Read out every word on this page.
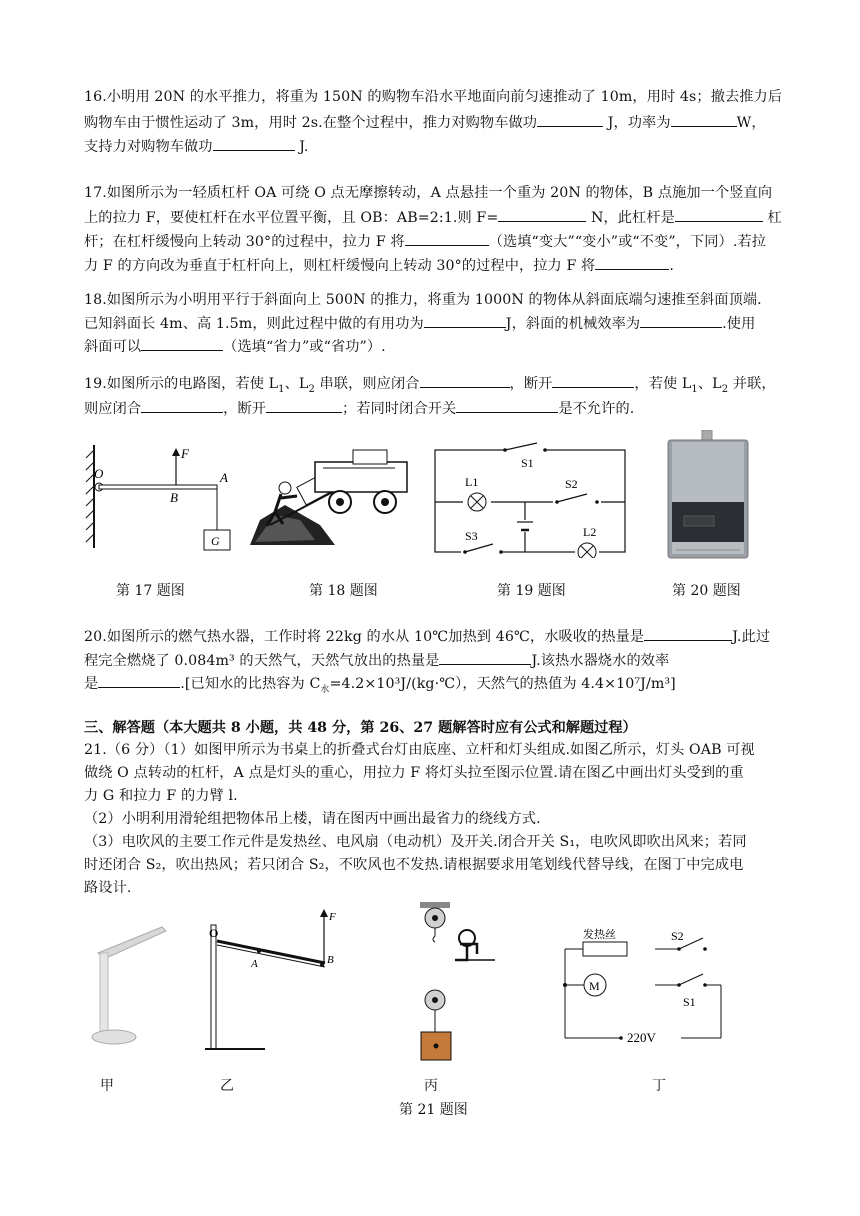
16.小明用 20N 的水平推力，将重为 150N 的购物车沿水平地面向前匀速推动了 10m，用时 4s；撤去推力后
购物车由于惯性运动了 3m，用时 2s.在整个过程中，推力对购物车做功	J，功率为	W，
支持力对购物车做功	J.
17.如图所示为一轻质杠杆 OA 可绕 O 点无摩擦转动，A 点悬挂一个重为 20N 的物体，B 点施加一个竖直向
上的拉力 F，要使杠杆在水平位置平衡，且 OB：AB=2:1.则 F=	N，此杠杆是	杠
杆；在杠杆缓慢向上转动 30°的过程中，拉力 F 将	（选填“变大”“变小”或“不变”，下同）.若拉
力 F 的方向改为垂直于杠杆向上，则杠杆缓慢向上转动 30°的过程中，拉力 F 将	.
18.如图所示为小明用平行于斜面向上 500N 的推力，将重为 1000N 的物体从斜面底端匀速推至斜面顶端.
已知斜面长 4m、高 1.5m，则此过程中做的有用功为	J，斜面的机械效率为	.使用
斜面可以	（选填“省力”或“省功”）.
19.如图所示的电路图，若使 $L_1$、$L_2$ 串联，则应闭合	，断开	，若使 $L_1$、$L_2$ 并联，
则应闭合	，断开	；若同时闭合开关	是不允许的.
O
B
A
F
G
S1
S2
S3
L1
L2
第 17 题图	第 18 题图	第 19 题图	第 20 题图
20.如图所示的燃气热水器，工作时将 22kg 的水从 10℃加热到 46℃，水吸收的热量是	J.此过
程完全燃烧了 0.084m³ 的天然气，天然气放出的热量是	J.该热水器烧水的效率
是	.[已知水的比热容为 $C_水=4.2\times 10^3J/(kg\cdot℃)$，天然气的热值为 4.4×10⁷J/m³]
三、解答题（本大题共 8 小题，共 48 分，第 26、27 题解答时应有公式和解题过程）
21.（6 分）（1）如图甲所示为书桌上的折叠式台灯由底座、立杆和灯头组成.如图乙所示，灯头 OAB 可视
做绕 O 点转动的杠杆，A 点是灯头的重心，用拉力 F 将灯头拉至图示位置.请在图乙中画出灯头受到的重
力 G 和拉力 F 的力臂 l.
（2）小明利用滑轮组把物体吊上楼，请在图丙中画出最省力的绕线方式.
（3）电吹风的主要工作元件是发热丝、电风扇（电动机）及开关.闭合开关 S₁，电吹风即吹出风来；若同
时还闭合 S₂，吹出热风；若只闭合 S₂，不吹风也不发热.请根据要求用笔划线代替导线，在图丁中完成电
路设计.
O
A	B
F
发热丝
M
S2
S1
220V
甲	乙	丙	丁
第 21 题图
